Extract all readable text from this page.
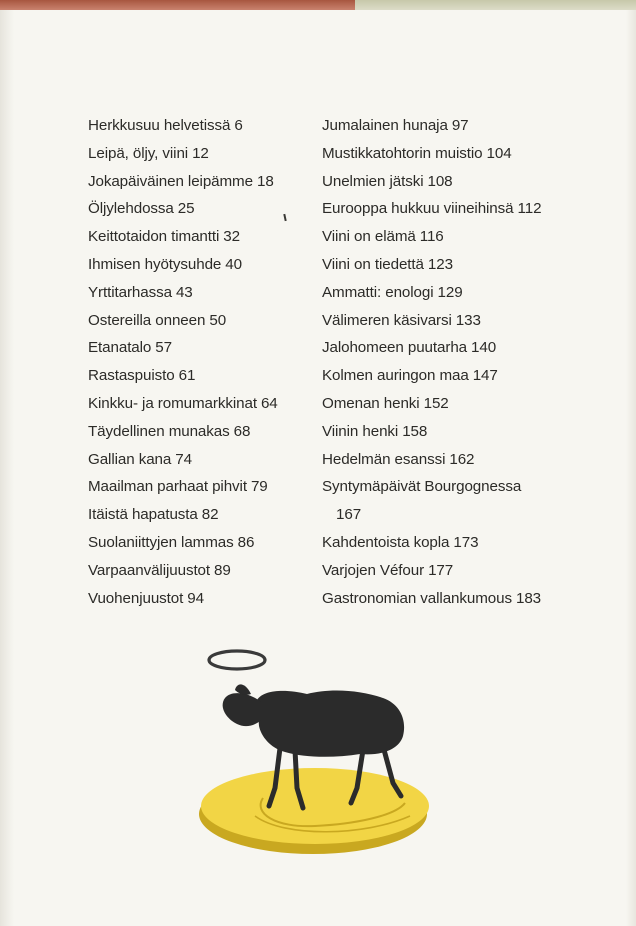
Herkkusuu helvetissä 6
Leipä, öljy, viini 12
Jokapäiväinen leipämme 18
Öljylehdossa 25
Keittotaidon timantti 32
Ihmisen hyötysuhde 40
Yrttitarhassa 43
Ostereilla onneen 50
Etanatalo 57
Rastaspuisto 61
Kinkku- ja romumarkkinat 64
Täydellinen munakas 68
Gallian kana 74
Maailman parhaat pihvit 79
Itäistä hapatusta 82
Suolaniittyjen lammas 86
Varpaanvälijuustot 89
Vuohenjuustot 94
Jumalainen hunaja 97
Mustikkatohtorin muistio 104
Unelmien jätski 108
Eurooppa hukkuu viineihinsä 112
Viini on elämä 116
Viini on tiedettä 123
Ammatti: enologi 129
Välimeren käsivarsi 133
Jalohomeen puutarha 140
Kolmen auringon maa 147
Omenan henki 152
Viinin henki 158
Hedelmän esanssi 162
Syntymäpäivät Bourgognessa
167
Kahdentoista kopla 173
Varjojen Véfour 177
Gastronomian vallankumous 183
